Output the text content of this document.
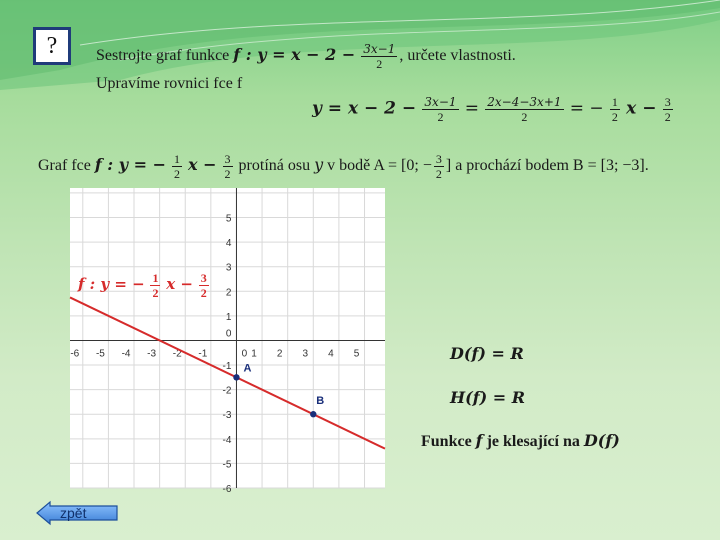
?	Sestrojte graf funkce f : $y = x - 2 - \frac{3x-1}{2}$ , určete vlastnosti.
Upravíme rovnici fce f
$y = x - 2 - \frac{3x-1}{2} = \frac{2x-4-3x+1}{2}$ = − $\frac{1}{2}$ $x - \frac{3}{2}$
Graf fce f : y = − $\frac{1}{2}$ $x - \frac{3}{2}$ protíná osu y v bodě A = [0; − $\frac{3}{2}$ ] a prochází bodem B = [3; −3].
-6 -5 -4 -3 -2 -1	0 1 2 3 4 5
5
4
3
2
1
0
-1
-2
-3
-4
-5
-6
A
B
f : y = − $\frac{1}{2}$ $x - \frac{3}{2}$
D(f) = R
H(f) = R
Funkce f je klesající na D(f)
zpět
